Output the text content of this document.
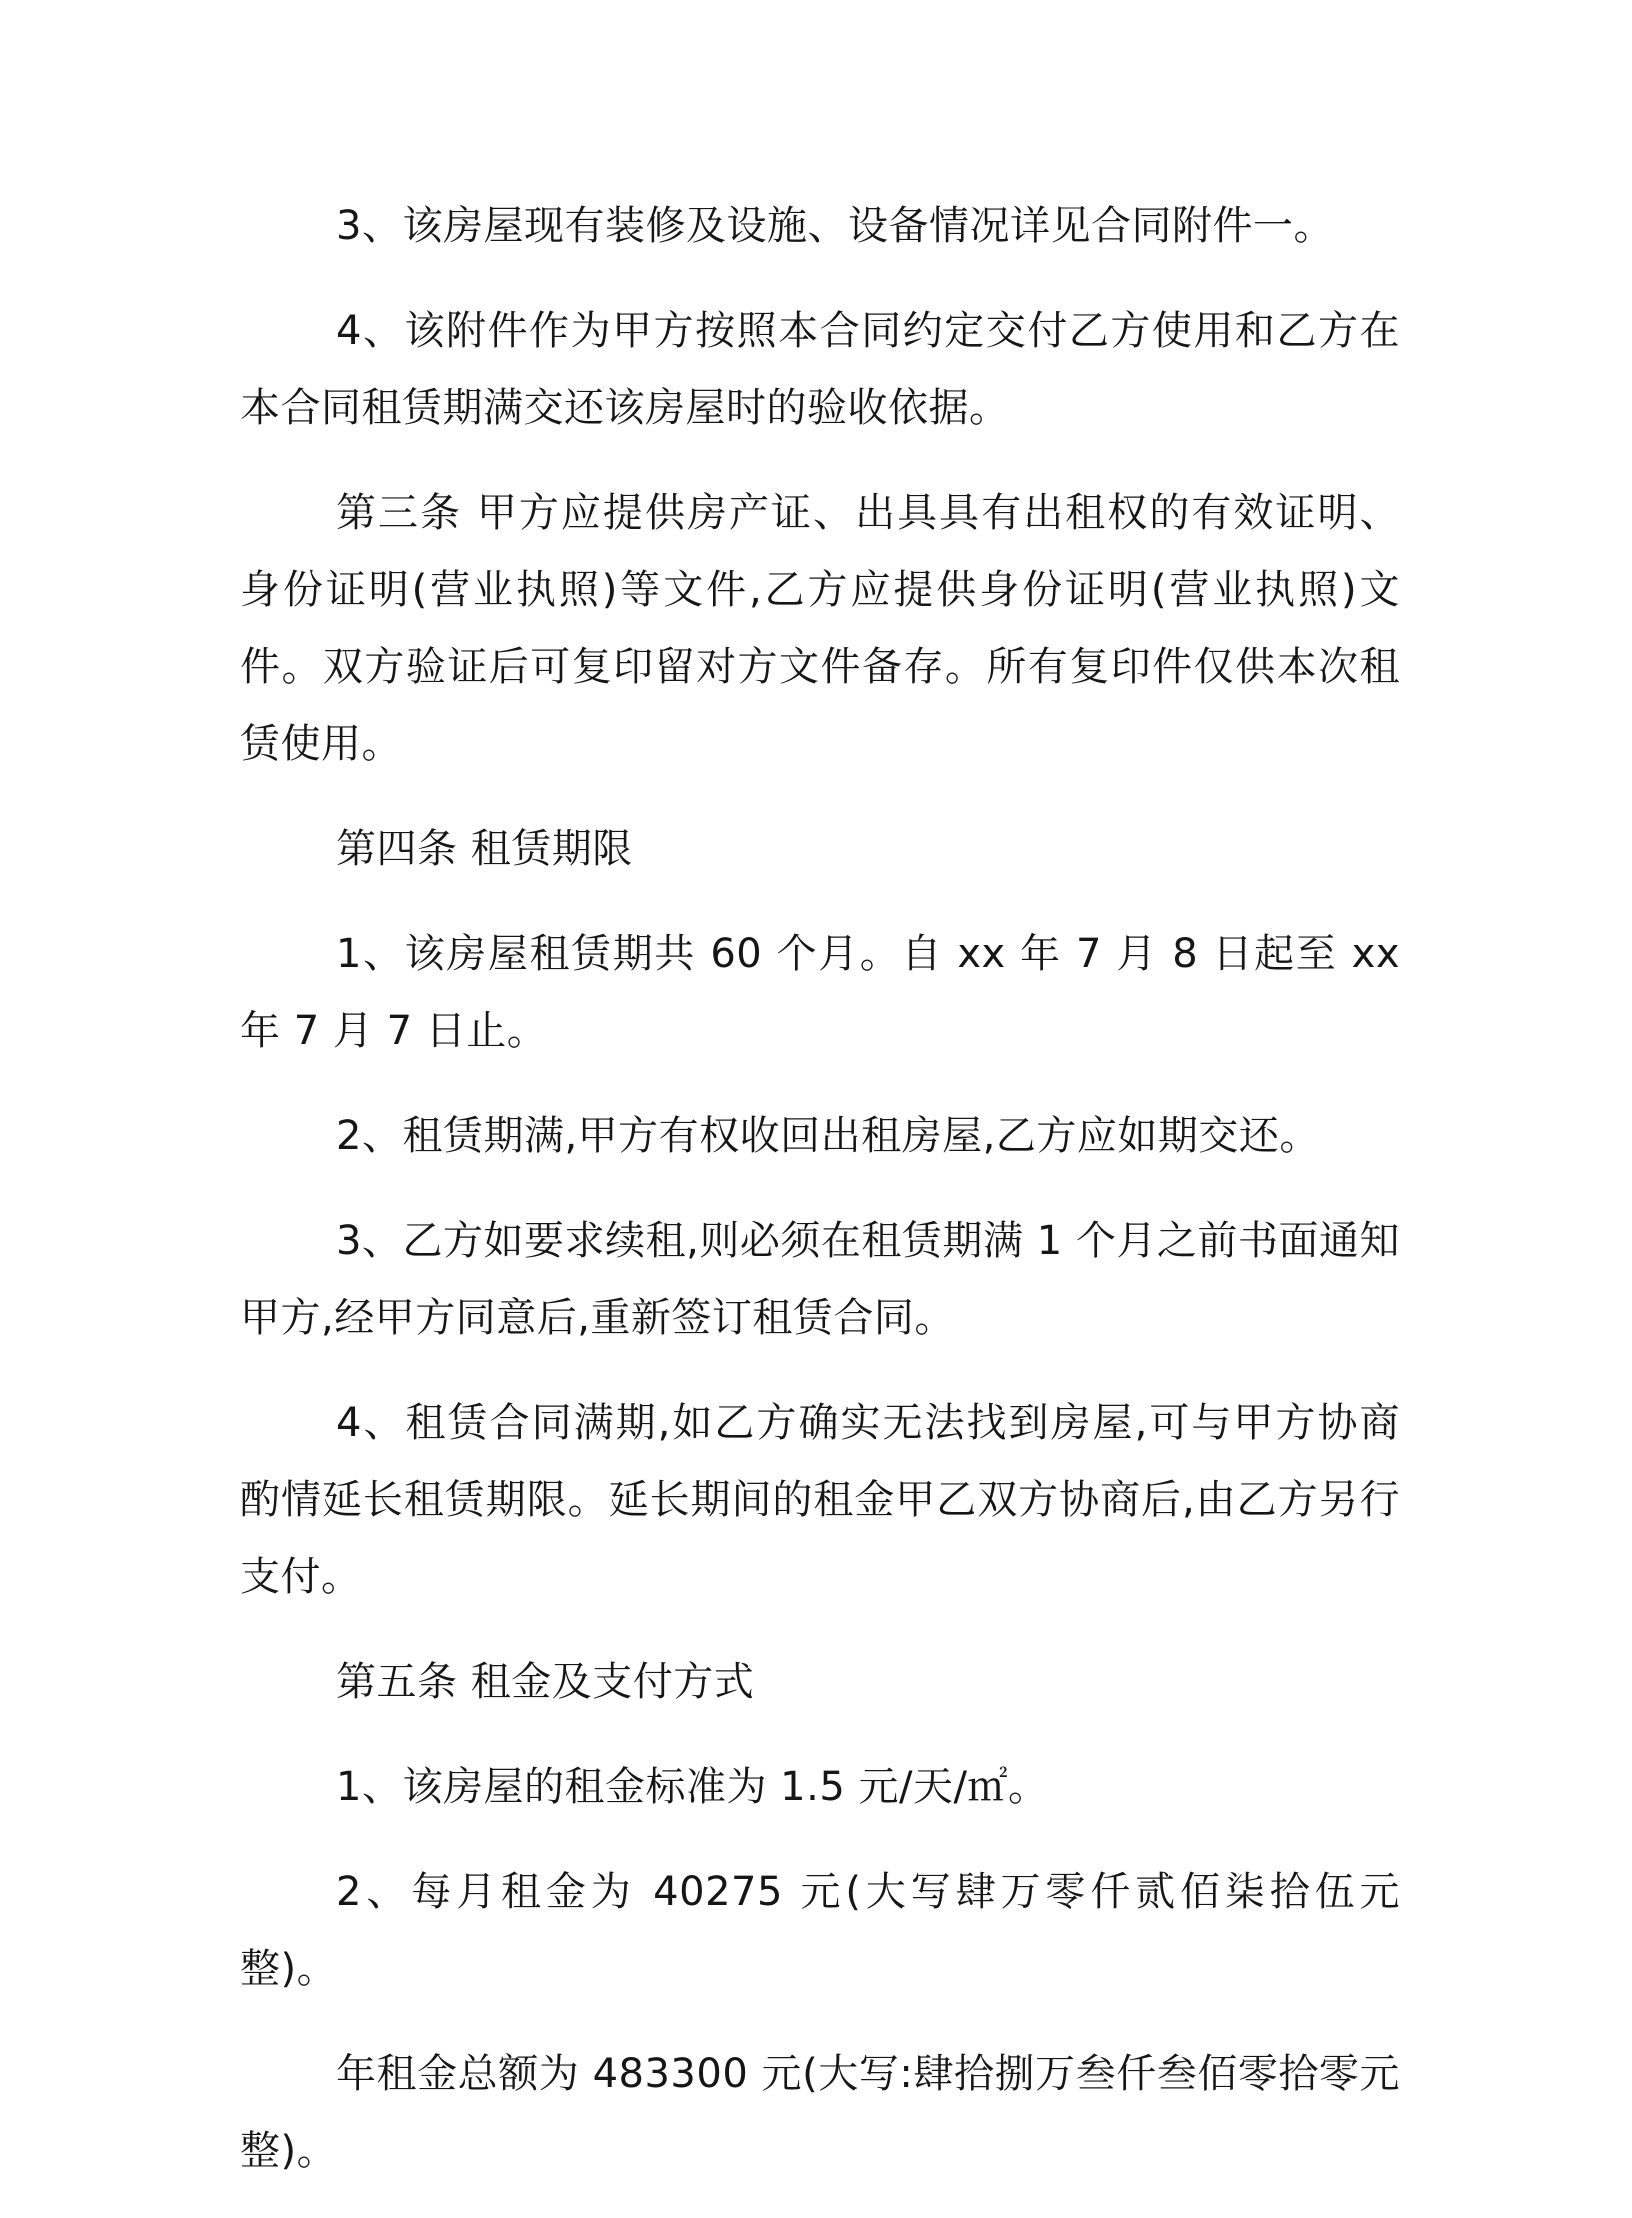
3、该房屋现有装修及设施、设备情况详见合同附件一。

4、该附件作为甲方按照本合同约定交付乙方使用和乙方在本合同租赁期满交还该房屋时的验收依据。

第三条 甲方应提供房产证、出具具有出租权的有效证明、身份证明(营业执照)等文件,乙方应提供身份证明(营业执照)文件。双方验证后可复印留对方文件备存。所有复印件仅供本次租赁使用。

第四条 租赁期限

1、该房屋租赁期共 60 个月。自 xx 年 7 月 8 日起至 xx 年 7 月 7 日止。

2、租赁期满,甲方有权收回出租房屋,乙方应如期交还。

3、乙方如要求续租,则必须在租赁期满 1 个月之前书面通知甲方,经甲方同意后,重新签订租赁合同。

4、租赁合同满期,如乙方确实无法找到房屋,可与甲方协商酌情延长租赁期限。延长期间的租金甲乙双方协商后,由乙方另行支付。

第五条 租金及支付方式

1、该房屋的租金标准为 1.5 元/天/㎡。

2、每月租金为 40275 元(大写肆万零仟贰佰柒拾伍元整)。

年租金总额为 483300 元(大写:肆拾捌万叁仟叁佰零拾零元整)。
